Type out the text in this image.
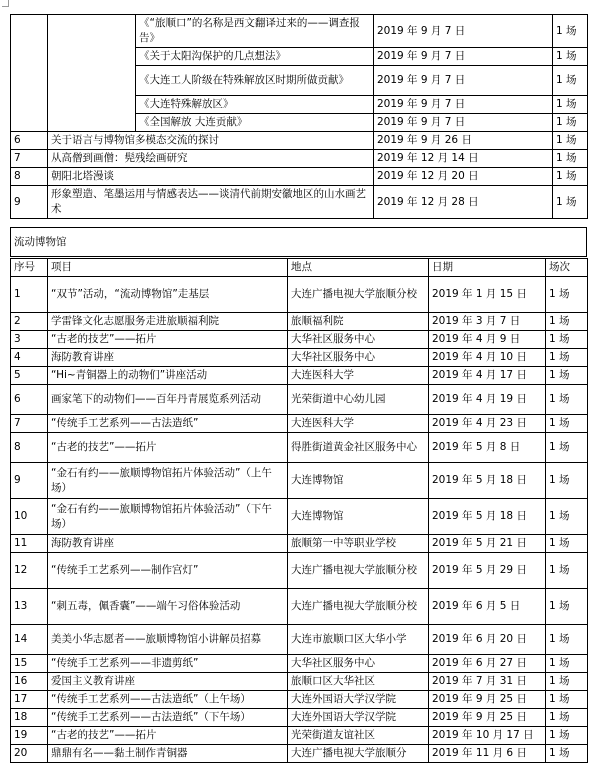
		《“旅顺口”的名称是西文翻译过来的——调查报告》	2019 年 9 月 7 日	1 场
		《关于太阳沟保护的几点想法》	2019 年 9 月 7 日	1 场
		《大连工人阶级在特殊解放区时期所做贡献》	2019 年 9 月 7 日	1 场
		《大连特殊解放区》	2019 年 9 月 7 日	1 场
		《全国解放 大连贡献》	2019 年 9 月 7 日	1 场
6	关于语言与博物馆多模态交流的探讨		2019 年 9 月 26 日	1 场
7	从高僧到画僧：髡残绘画研究		2019 年 12 月 14 日	1 场
8	朝阳北塔漫谈		2019 年 12 月 20 日	1 场
9	形象塑造、笔墨运用与情感表达——谈清代前期安徽地区的山水画艺术		2019 年 12 月 28 日	1 场
流动博物馆
序号	项目	地点	日期	场次
1	“双节”活动，“流动博物馆”走基层	大连广播电视大学旅顺分校	2019 年 1 月 15 日	1 场
2	学雷锋文化志愿服务走进旅顺福利院	旅顺福利院	2019 年 3 月 7 日	1 场
3	“古老的技艺”——拓片	大华社区服务中心	2019 年 4 月 9 日	1 场
4	海防教育讲座	大华社区服务中心	2019 年 4 月 10 日	1 场
5	“Hi~青铜器上的动物们”讲座活动	大连医科大学	2019 年 4 月 17 日	1 场
6	画家笔下的动物们——百年丹青展览系列活动	光荣街道中心幼儿园	2019 年 4 月 19 日	1 场
7	“传统手工艺系列——古法造纸”	大连医科大学	2019 年 4 月 23 日	1 场
8	“古老的技艺”——拓片	得胜街道黄金社区服务中心	2019 年 5 月 8 日	1 场
9	“金石有约——旅顺博物馆拓片体验活动”（上午场）	大连博物馆	2019 年 5 月 18 日	1 场
10	“金石有约——旅顺博物馆拓片体验活动”（下午场）	大连博物馆	2019 年 5 月 18 日	1 场
11	海防教育讲座	旅顺第一中等职业学校	2019 年 5 月 21 日	1 场
12	“传统手工艺系列——制作宫灯”	大连广播电视大学旅顺分校	2019 年 5 月 29 日	1 场
13	“刺五毒，佩香囊”——端午习俗体验活动	大连广播电视大学旅顺分校	2019 年 6 月 5 日	1 场
14	美美小华志愿者——旅顺博物馆小讲解员招募	大连市旅顺口区大华小学	2019 年 6 月 20 日	1 场
15	“传统手工艺系列——非遗剪纸”	大华社区服务中心	2019 年 6 月 27 日	1 场
16	爱国主义教育讲座	旅顺口区大华社区	2019 年 7 月 31 日	1 场
17	“传统手工艺系列——古法造纸”（上午场）	大连外国语大学汉学院	2019 年 9 月 25 日	1 场
18	“传统手工艺系列——古法造纸”（下午场）	大连外国语大学汉学院	2019 年 9 月 25 日	1 场
19	“古老的技艺”——拓片	光荣街道友谊社区	2019 年 10 月 17 日	1 场
20	鼎鼎有名——黏土制作青铜器	大连广播电视大学旅顺分	2019 年 11 月 6 日	1 场
